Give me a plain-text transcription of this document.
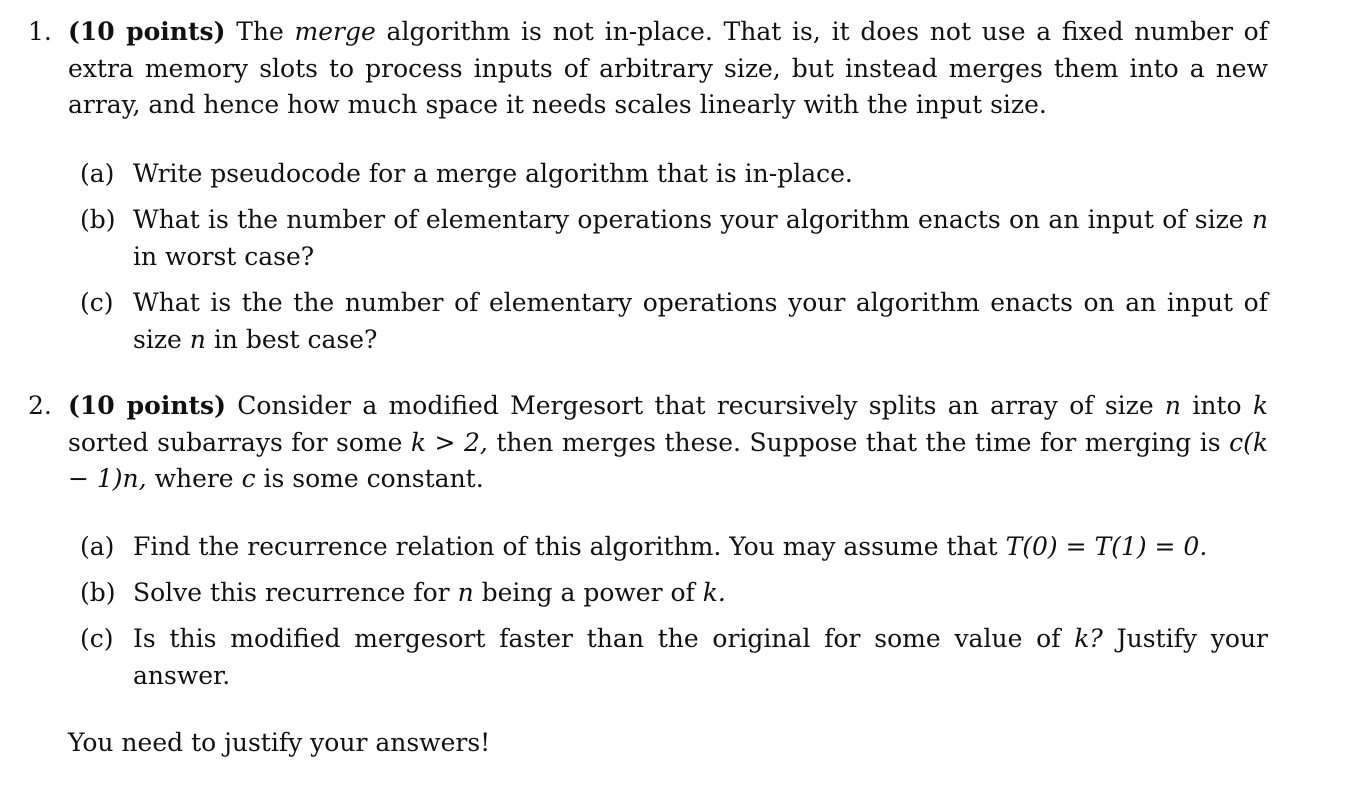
1. (10 points) The merge algorithm is not in-place. That is, it does not use a fixed number of extra memory slots to process inputs of arbitrary size, but instead merges them into a new array, and hence how much space it needs scales linearly with the input size.
(a) Write pseudocode for a merge algorithm that is in-place.
(b) What is the number of elementary operations your algorithm enacts on an input of size n in worst case?
(c) What is the the number of elementary operations your algorithm enacts on an input of size n in best case?
2. (10 points) Consider a modified Mergesort that recursively splits an array of size n into k sorted subarrays for some k > 2, then merges these. Suppose that the time for merging is c(k − 1)n, where c is some constant.
(a) Find the recurrence relation of this algorithm. You may assume that T(0) = T(1) = 0.
(b) Solve this recurrence for n being a power of k.
(c) Is this modified mergesort faster than the original for some value of k? Justify your answer.
You need to justify your answers!
